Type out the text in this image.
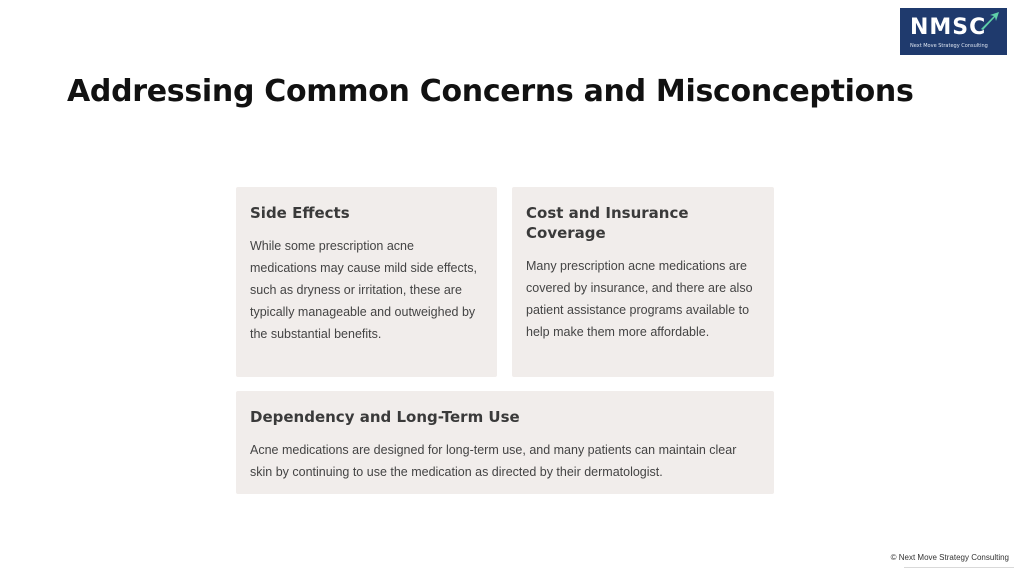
NMSC
Next Move Strategy Consulting
Addressing Common Concerns and Misconceptions
Side Effects

While some prescription acne medications may cause mild side effects, such as dryness or irritation, these are typically manageable and outweighed by the substantial benefits.

Cost and Insurance Coverage

Many prescription acne medications are covered by insurance, and there are also patient assistance programs available to help make them more affordable.

Dependency and Long-Term Use

Acne medications are designed for long-term use, and many patients can maintain clear skin by continuing to use the medication as directed by their dermatologist.

© Next Move Strategy Consulting
